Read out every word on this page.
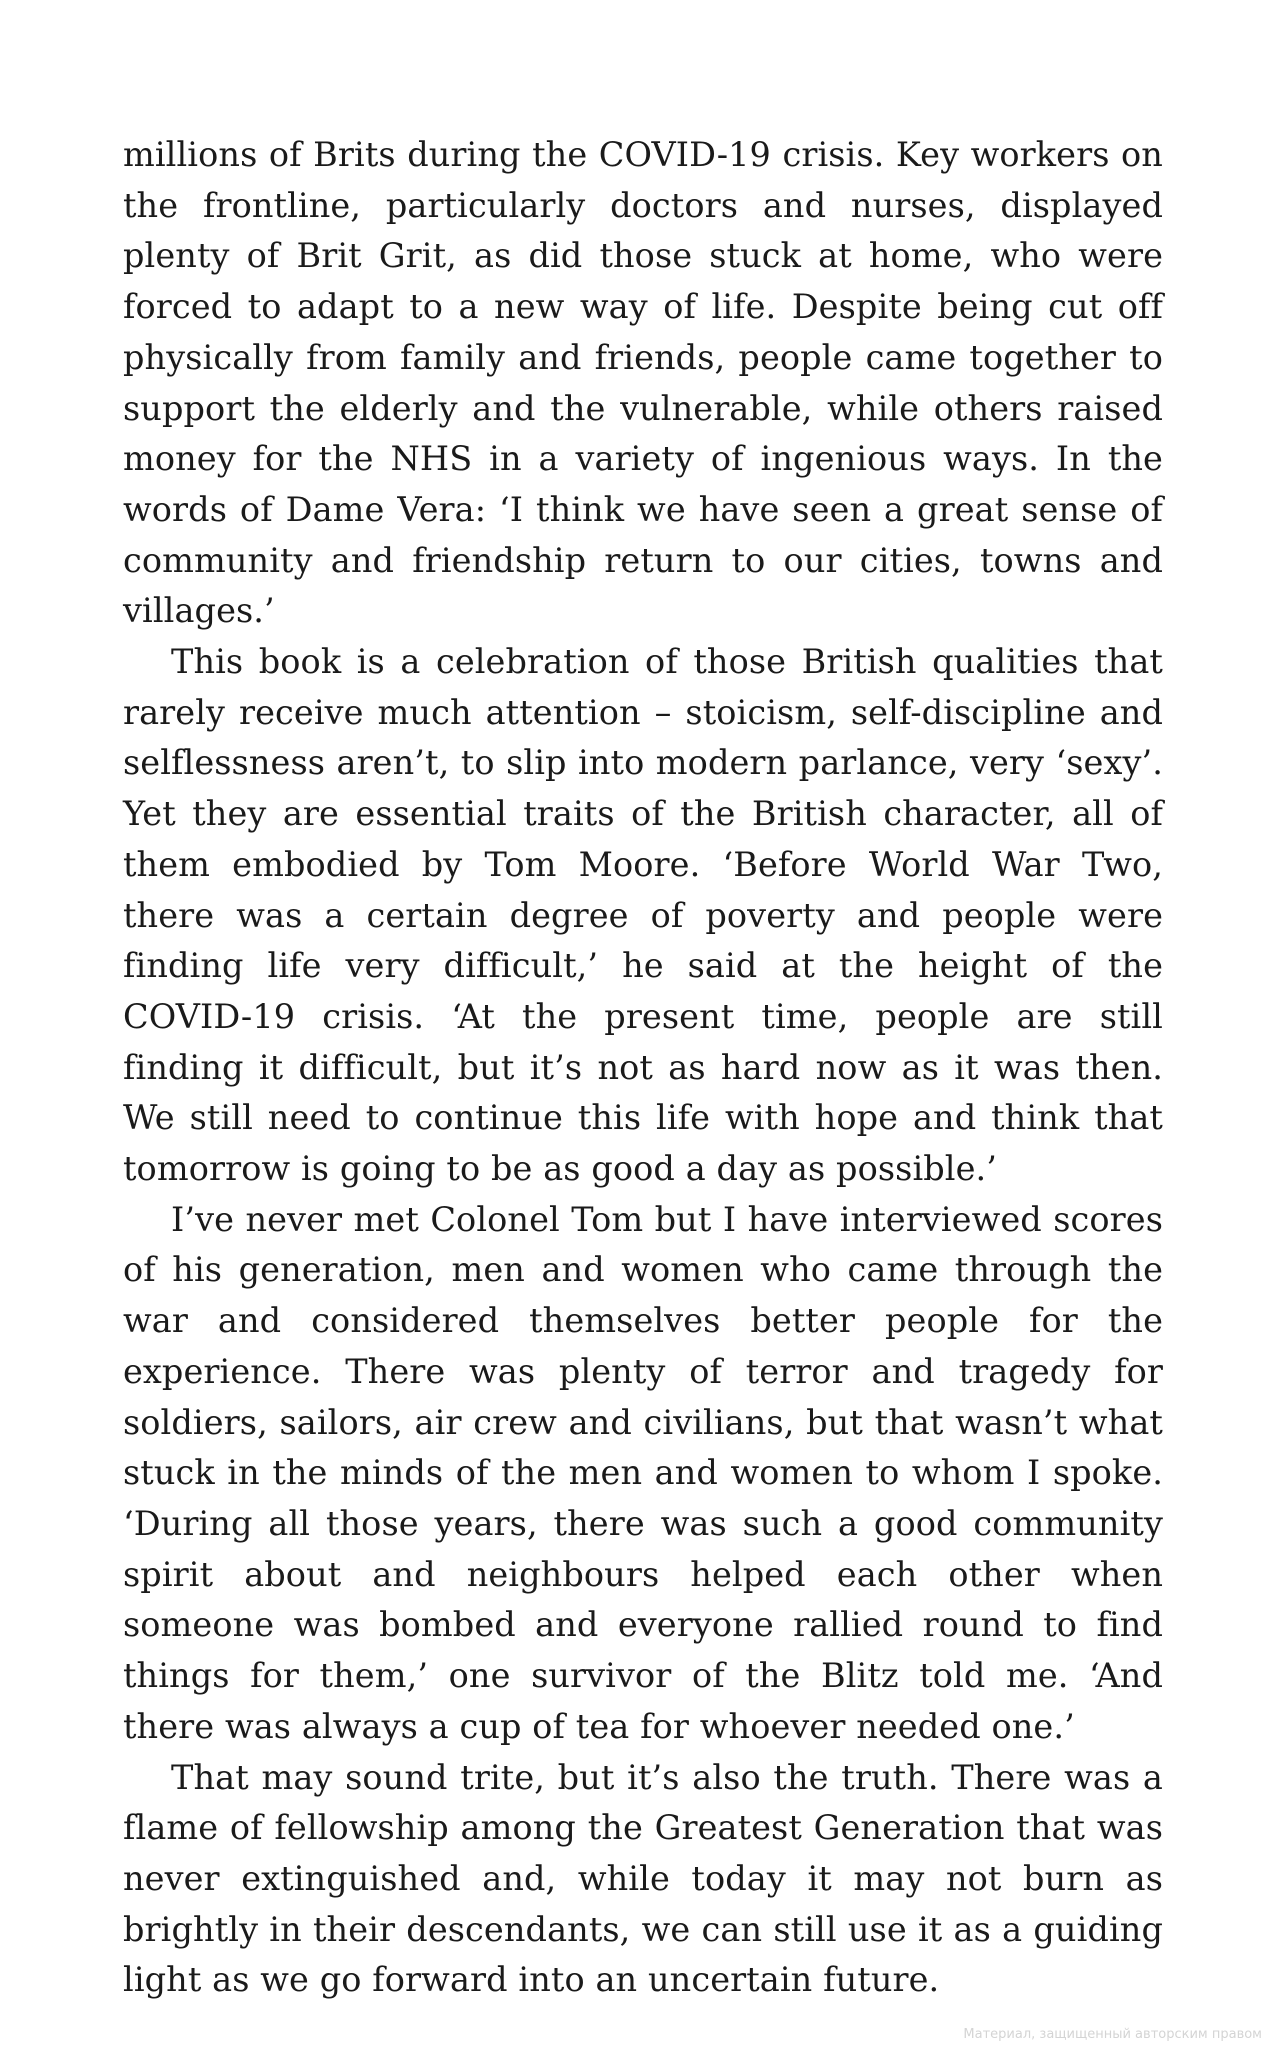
millions of Brits during the COVID-19 crisis. Key workers on the frontline, particularly doctors and nurses, displayed plenty of Brit Grit, as did those stuck at home, who were forced to adapt to a new way of life. Despite being cut off physically from family and friends, people came together to support the elderly and the vulnerable, while others raised money for the NHS in a variety of ingenious ways. In the words of Dame Vera: ‘I think we have seen a great sense of community and friendship return to our cities, towns and villages.’

This book is a celebration of those British qualities that rarely receive much attention – stoicism, self-discipline and selflessness aren’t, to slip into modern parlance, very ‘sexy’. Yet they are essential traits of the British character, all of them embodied by Tom Moore. ‘Before World War Two, there was a certain degree of poverty and people were finding life very difficult,’ he said at the height of the COVID-19 crisis. ‘At the present time, people are still finding it difficult, but it’s not as hard now as it was then. We still need to continue this life with hope and think that tomorrow is going to be as good a day as possible.’

I’ve never met Colonel Tom but I have interviewed scores of his generation, men and women who came through the war and considered themselves better people for the experience. There was plenty of terror and tragedy for soldiers, sailors, air crew and civilians, but that wasn’t what stuck in the minds of the men and women to whom I spoke. ‘During all those years, there was such a good community spirit about and neighbours helped each other when someone was bombed and everyone rallied round to find things for them,’ one survivor of the Blitz told me. ‘And there was always a cup of tea for whoever needed one.’

That may sound trite, but it’s also the truth. There was a flame of fellowship among the Greatest Generation that was never extinguished and, while today it may not burn as brightly in their descendants, we can still use it as a guiding light as we go forward into an uncertain future.

Материал, защищенный авторским правом
